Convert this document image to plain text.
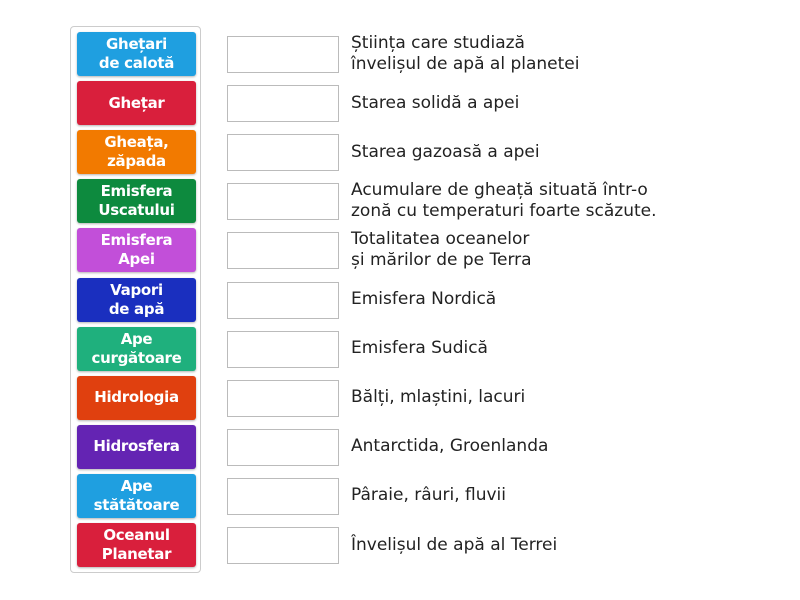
Ghețari
de calotă
Ghețar
Gheața,
zăpada
Emisfera
Uscatului
Emisfera
Apei
Vapori
de apă
Ape
curgătoare
Hidrologia
Hidrosfera
Ape
stătătoare
Oceanul
Planetar
Știința care studiază
învelișul de apă al planetei
Starea solidă a apei
Starea gazoasă a apei
Acumulare de gheață situată într-o
zonă cu temperaturi foarte scăzute.
Totalitatea oceanelor
și mărilor de pe Terra
Emisfera Nordică
Emisfera Sudică
Bălți, mlaștini, lacuri
Antarctida, Groenlanda
Pâraie, râuri, fluvii
Învelișul de apă al Terrei
